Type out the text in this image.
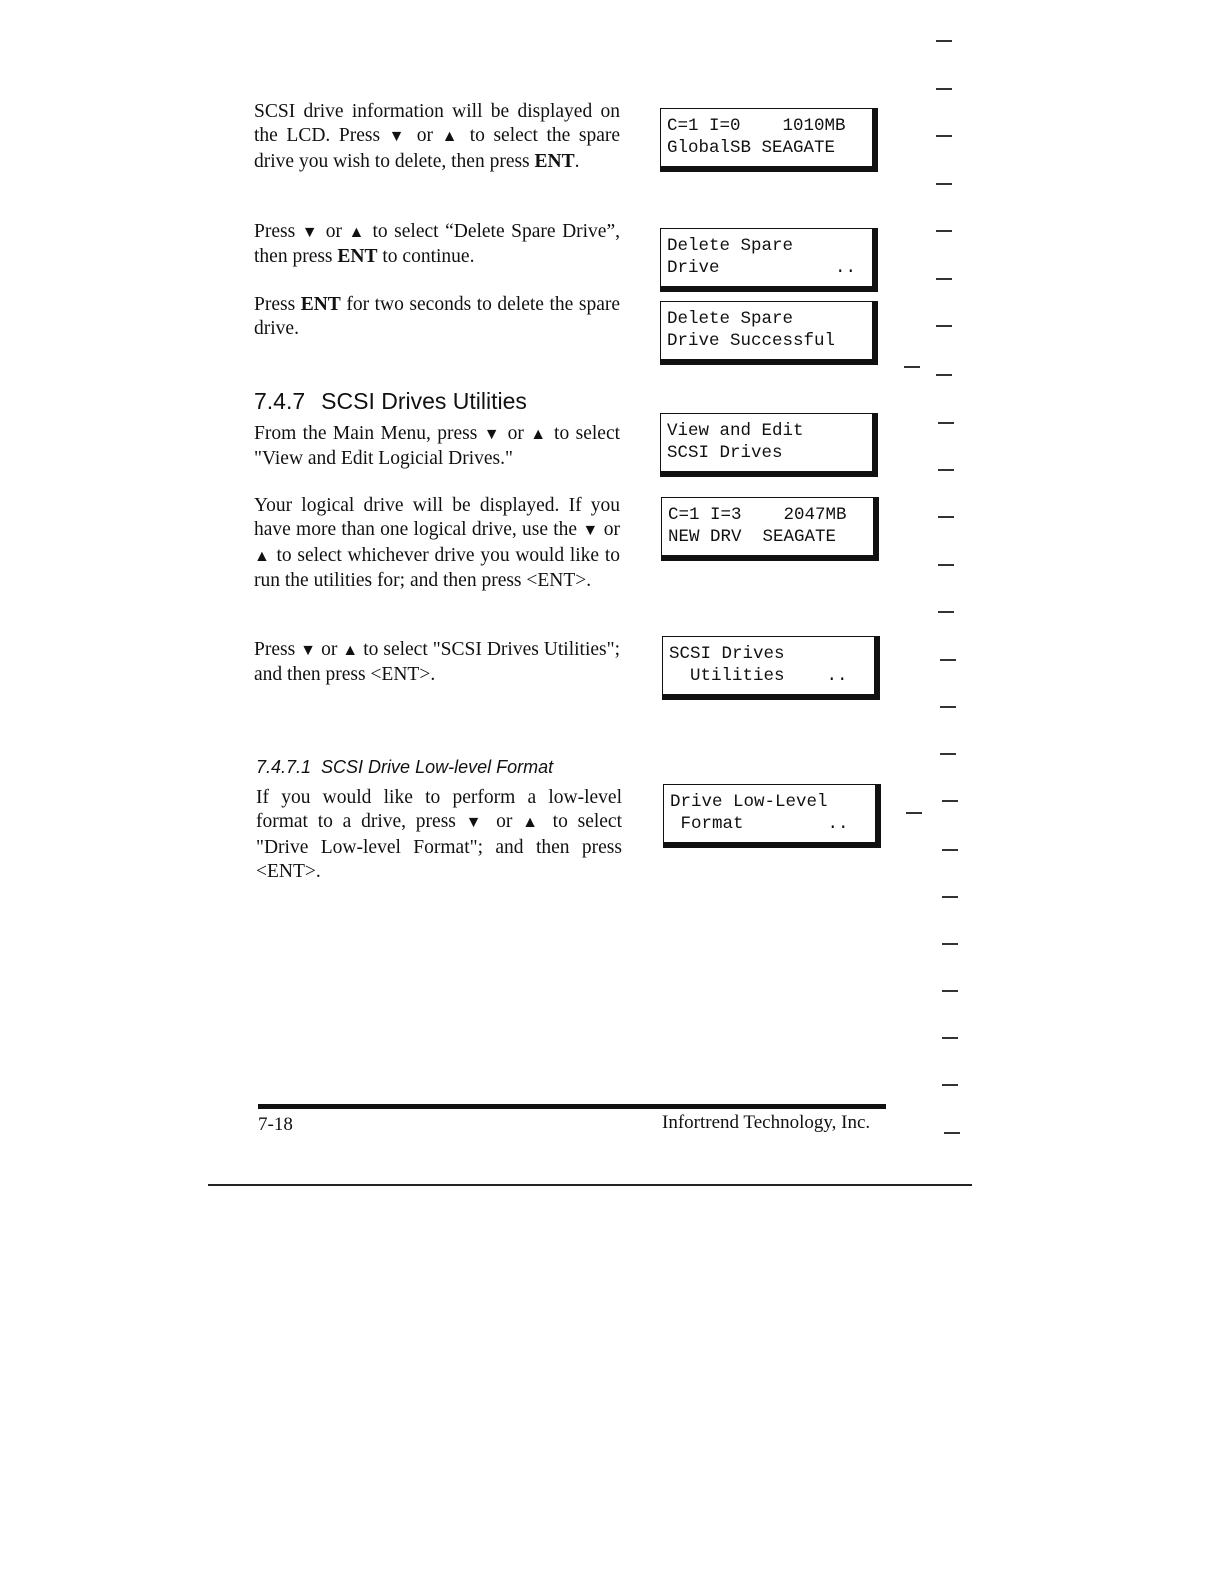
SCSI drive information will be displayed on the LCD. Press ▼ or ▲ to select the spare drive you wish to delete, then press ENT.

Press ▼ or ▲ to select “Delete Spare Drive”, then press ENT to continue.

Press ENT for two seconds to delete the spare drive.

7.4.7 SCSI Drives Utilities

From the Main Menu, press ▼ or ▲ to select "View and Edit Logicial Drives."

Your logical drive will be displayed. If you have more than one logical drive, use the ▼ or ▲ to select whichever drive you would like to run the utilities for; and then press <ENT>.

Press ▼ or ▲ to select "SCSI Drives Utilities"; and then press <ENT>.

7.4.7.1 SCSI Drive Low-level Format

If you would like to perform a low-level format to a drive, press ▼ or ▲ to select "Drive Low-level Format"; and then press <ENT>.

C=1 I=0    1010MB
GlobalSB SEAGATE
Delete Spare
Drive           ..
Delete Spare
Drive Successful
View and Edit
SCSI Drives
C=1 I=3    2047MB
NEW DRV  SEAGATE
SCSI Drives
Utilities    ..
Drive Low-Level
Format        ..
7-18	Infortrend Technology, Inc.
